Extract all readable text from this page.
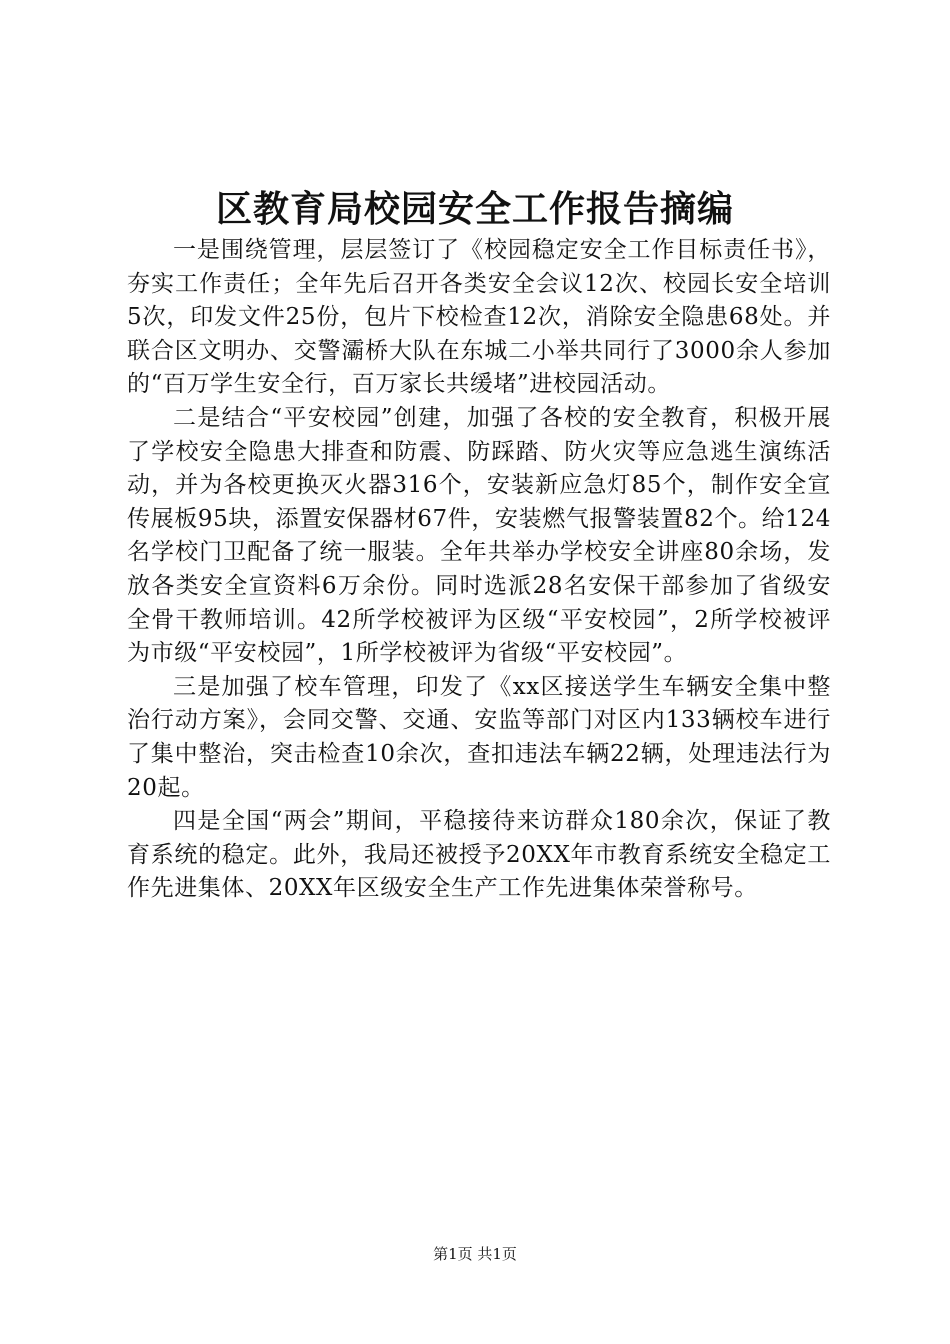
区教育局校园安全工作报告摘编

一是围绕管理，层层签订了《校园稳定安全工作目标责任书》，夯实工作责任；全年先后召开各类安全会议12次、校园长安全培训5次，印发文件25份，包片下校检查12次，消除安全隐患68处。并联合区文明办、交警灞桥大队在东城二小举共同行了3000余人参加的“百万学生安全行，百万家长共缓堵”进校园活动。

二是结合“平安校园”创建，加强了各校的安全教育，积极开展了学校安全隐患大排查和防震、防踩踏、防火灾等应急逃生演练活动，并为各校更换灭火器316个，安装新应急灯85个，制作安全宣传展板95块，添置安保器材67件，安装燃气报警装置82个。给124名学校门卫配备了统一服装。全年共举办学校安全讲座80余场，发放各类安全宣资料6万余份。同时选派28名安保干部参加了省级安全骨干教师培训。42所学校被评为区级“平安校园”，2所学校被评为市级“平安校园”，1所学校被评为省级“平安校园”。

三是加强了校车管理，印发了《xx区接送学生车辆安全集中整治行动方案》，会同交警、交通、安监等部门对区内133辆校车进行了集中整治，突击检查10余次，查扣违法车辆22辆，处理违法行为20起。

四是全国“两会”期间，平稳接待来访群众180余次，保证了教育系统的稳定。此外，我局还被授予20XX年市教育系统安全稳定工作先进集体、20XX年区级安全生产工作先进集体荣誉称号。

第1页 共1页
